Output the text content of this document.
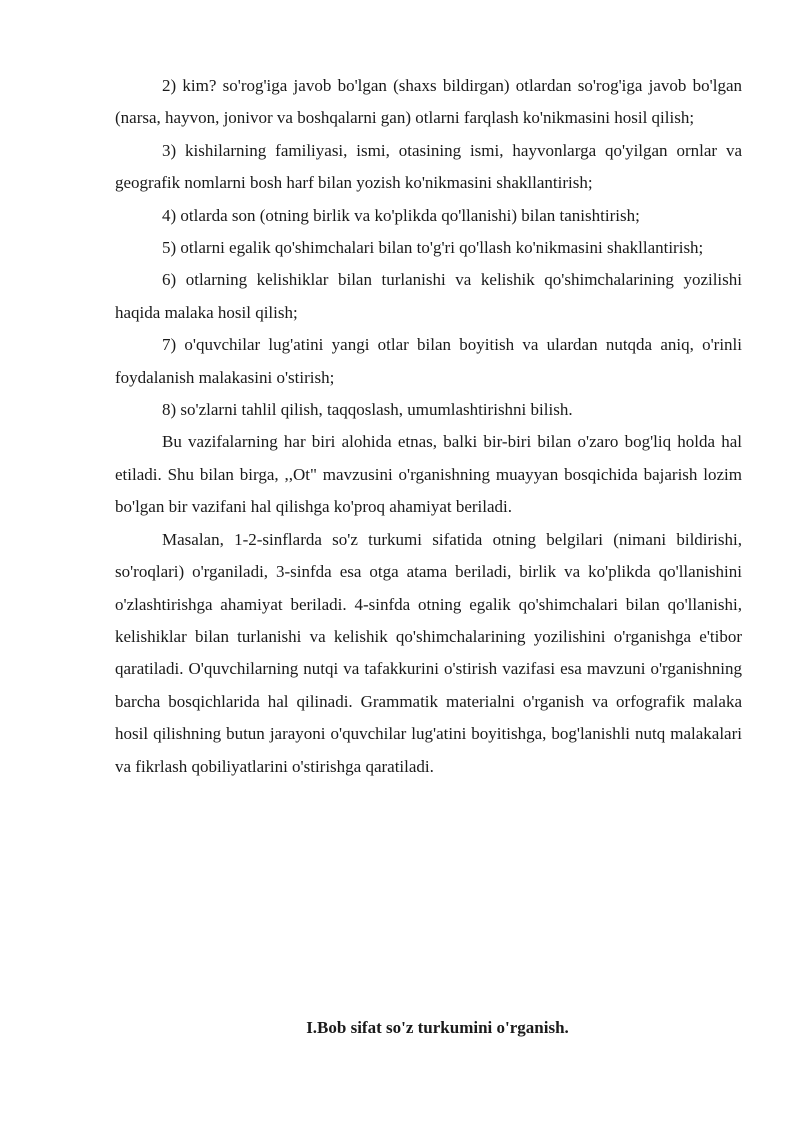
2) kim? so'rog'iga javob bo'lgan (shaxs bildirgan) otlardan so'rog'iga javob bo'lgan (narsa, hayvon, jonivor va boshqalarni gan) otlarni farqlash ko'nikmasini hosil qilish;

3) kishilarning familiyasi, ismi, otasining ismi, hayvonlarga qo'yilgan ornlar va geografik nomlarni bosh harf bilan yozish ko'nikmasini shakllantirish;

4) otlarda son (otning birlik va ko'plikda qo'llanishi) bilan tanishtirish;

5) otlarni egalik qo'shimchalari bilan to'g'ri qo'llash ko'nikmasini shakllantirish;

6) otlarning kelishiklar bilan turlanishi va kelishik qo'shimchalarining yozilishi haqida malaka hosil qilish;

7) o'quvchilar lug'atini yangi otlar bilan boyitish va ulardan nutqda aniq, o'rinli foydalanish malakasini o'stirish;

8) so'zlarni tahlil qilish, taqqoslash, umumlashtirishni bilish.

Bu vazifalarning har biri alohida etnas, balki bir-biri bilan o'zaro bog'liq holda hal etiladi. Shu bilan birga, ,,Ot" mavzusini o'rganishning muayyan bosqichida bajarish lozim bo'lgan bir vazifani hal qilishga ko'proq ahamiyat beriladi.

Masalan, 1-2-sinflarda so'z turkumi sifatida otning belgilari (nimani bildirishi, so'roqlari) o'rganiladi, 3-sinfda esa otga atama beriladi, birlik va ko'plikda qo'llanishini o'zlashtirishga ahamiyat beriladi. 4-sinfda otning egalik qo'shimchalari bilan qo'llanishi, kelishiklar bilan turlanishi va kelishik qo'shimchalarining yozilishini o'rganishga e'tibor qaratiladi. O'quvchilarning nutqi va tafakkurini o'stirish vazifasi esa mavzuni o'rganishning barcha bosqichlarida hal qilinadi. Grammatik materialni o'rganish va orfografik malaka hosil qilishning butun jarayoni o'quvchilar lug'atini boyitishga, bog'lanishli nutq malakalari va fikrlash qobiliyatlarini o'stirishga qaratiladi.

I.Bob sifat so'z turkumini o'rganish.
